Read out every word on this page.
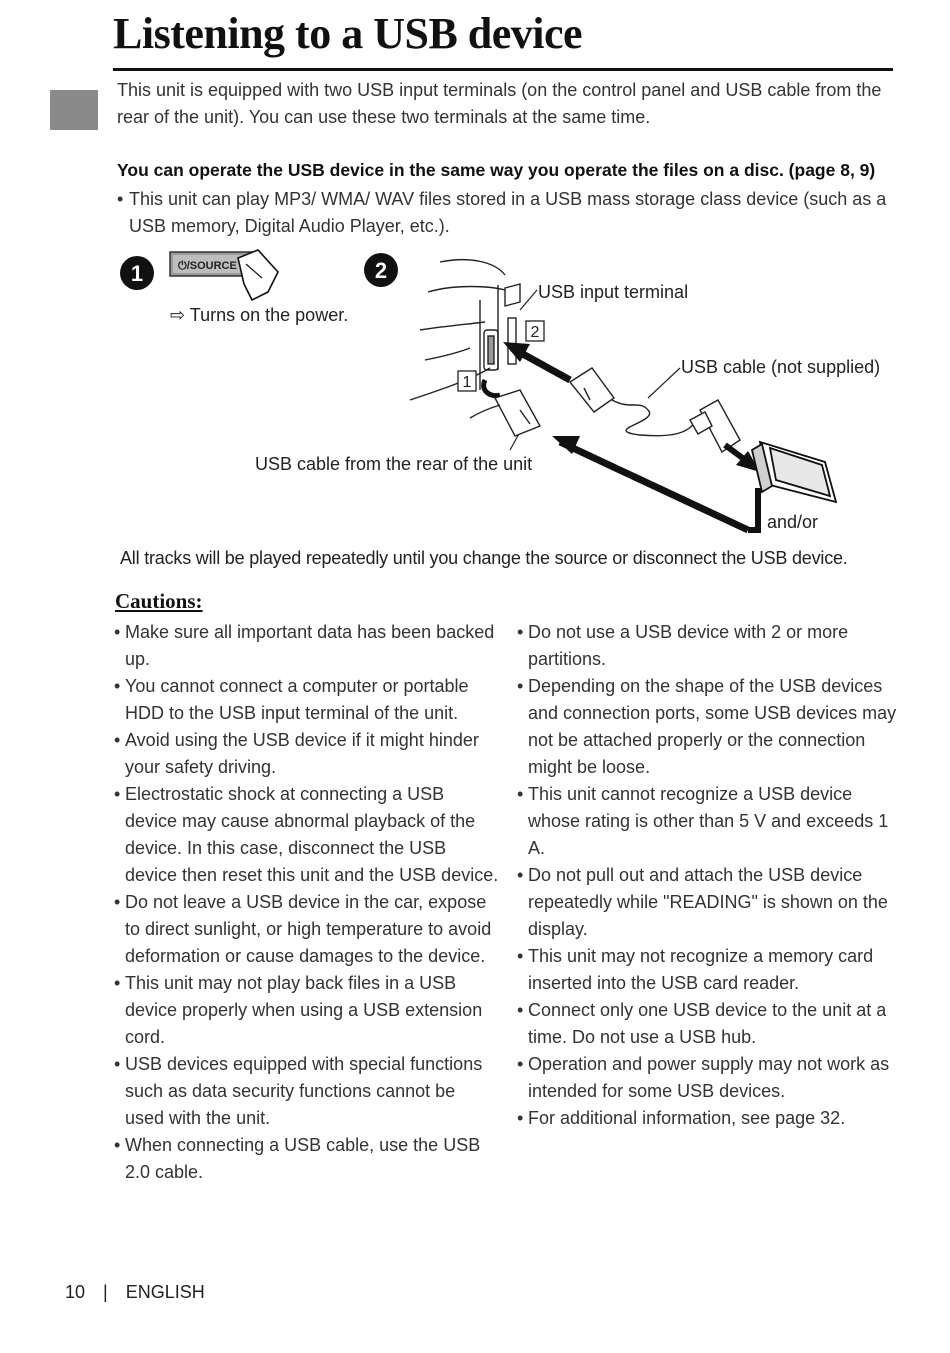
Listening to a USB device

This unit is equipped with two USB input terminals (on the control panel and USB cable from the rear of the unit). You can use these two terminals at the same time.

You can operate the USB device in the same way you operate the files on a disc. (page 8, 9)
• This unit can play MP3/ WMA/ WAV files stored in a USB mass storage class device (such as a USB memory, Digital Audio Player, etc.).
1	⏻/SOURCE	2
2
1
⇨ Turns on the power.
USB input terminal
USB cable (not supplied)
USB cable from the rear of the unit
and/or

All tracks will be played repeatedly until you change the source or disconnect the USB device.

Cautions:
• Make sure all important data has been backed up.
• You cannot connect a computer or portable HDD to the USB input terminal of the unit.
• Avoid using the USB device if it might hinder your safety driving.
• Electrostatic shock at connecting a USB device may cause abnormal playback of the device. In this case, disconnect the USB device then reset this unit and the USB device.
• Do not leave a USB device in the car, expose to direct sunlight, or high temperature to avoid deformation or cause damages to the device.
• This unit may not play back files in a USB device properly when using a USB extension cord.
• USB devices equipped with special functions such as data security functions cannot be used with the unit.
• When connecting a USB cable, use the USB 2.0 cable.
• Do not use a USB device with 2 or more partitions.
• Depending on the shape of the USB devices and connection ports, some USB devices may not be attached properly or the connection might be loose.
• This unit cannot recognize a USB device whose rating is other than 5 V and exceeds 1 A.
• Do not pull out and attach the USB device repeatedly while "READING" is shown on the display.
• This unit may not recognize a memory card inserted into the USB card reader.
• Connect only one USB device to the unit at a time. Do not use a USB hub.
• Operation and power supply may not work as intended for some USB devices.
• For additional information, see page 32.
10 | ENGLISH
